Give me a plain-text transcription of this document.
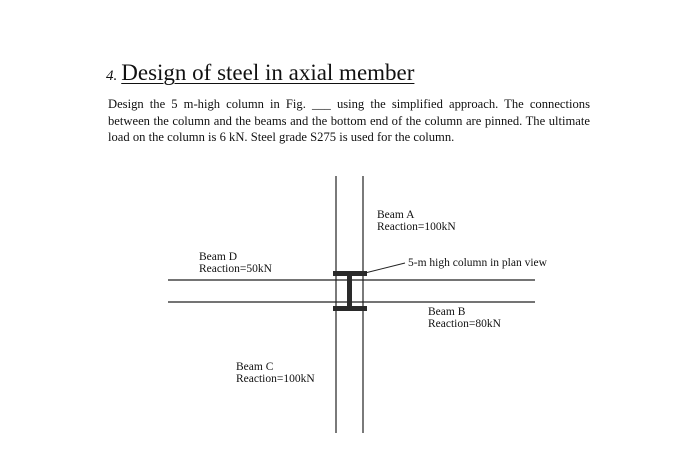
4. Design of steel in axial member

Design the 5 m-high column in Fig. ___ using the simplified approach. The connections between the column and the beams and the bottom end of the column are pinned. The ultimate load on the column is 6 kN. Steel grade S275 is used for the column.

Beam A
Reaction=100kN
Beam D
Reaction=50kN	5-m high column in plan view
Beam B
Reaction=80kN
Beam C
Reaction=100kN
